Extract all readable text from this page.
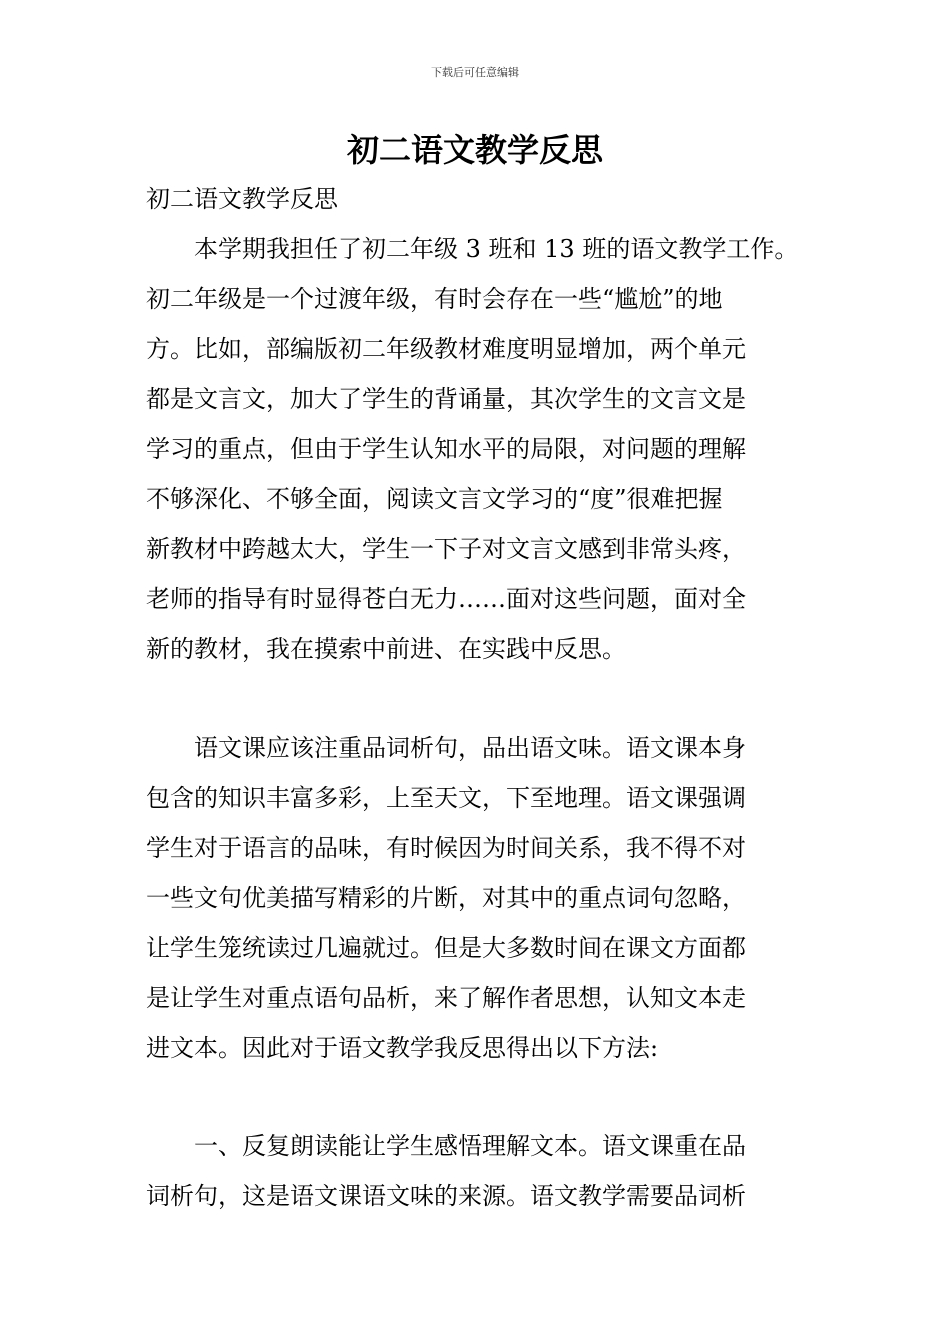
下载后可任意编辑
初二语文教学反思
初二语文教学反思
本学期我担任了初二年级 3 班和 13 班的语文教学工作。
初二年级是一个过渡年级，有时会存在一些“尴尬”的地
方。比如，部编版初二年级教材难度明显增加，两个单元
都是文言文，加大了学生的背诵量，其次学生的文言文是
学习的重点，但由于学生认知水平的局限，对问题的理解
不够深化、不够全面，阅读文言文学习的“度”很难把握
新教材中跨越太大，学生一下子对文言文感到非常头疼，
老师的指导有时显得苍白无力……面对这些问题，面对全
新的教材，我在摸索中前进、在实践中反思。
语文课应该注重品词析句，品出语文味。语文课本身
包含的知识丰富多彩，上至天文，下至地理。语文课强调
学生对于语言的品味，有时候因为时间关系，我不得不对
一些文句优美描写精彩的片断，对其中的重点词句忽略，
让学生笼统读过几遍就过。但是大多数时间在课文方面都
是让学生对重点语句品析，来了解作者思想，认知文本走
进文本。因此对于语文教学我反思得出以下方法:
一、反复朗读能让学生感悟理解文本。语文课重在品
词析句，这是语文课语文味的来源。语文教学需要品词析
